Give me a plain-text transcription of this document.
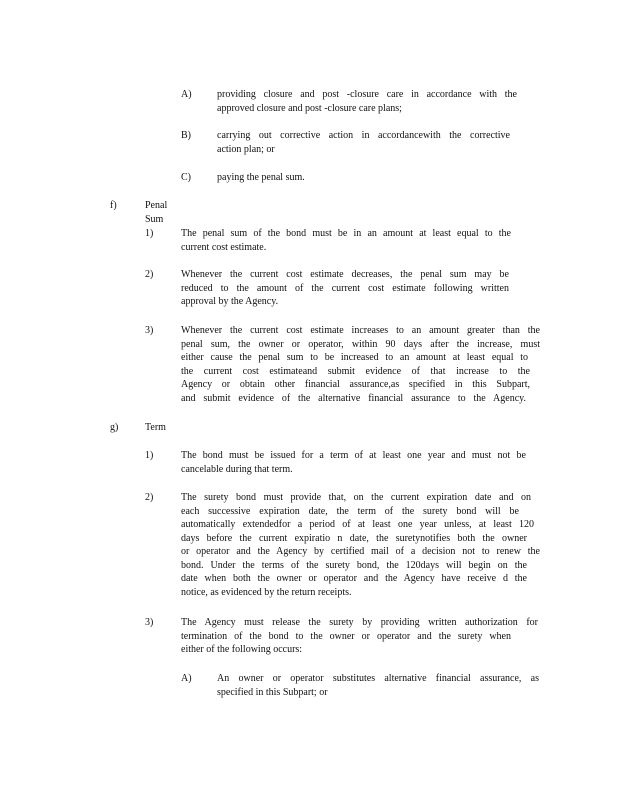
A)	providing closure and post -closure care in accordance with the
approved closure and post -closure care plans;
B)	carrying out corrective action in accordancewith the corrective
action plan; or
C)	paying the penal sum.
f)	Penal Sum
1)	The penal sum of the bond must be in an amount at least equal to the
current cost estimate.
2)	Whenever the current cost estimate decreases, the penal sum may be
reduced to the amount of the current cost estimate following written
approval by the Agency.
3)	Whenever the current cost estimate increases to an amount greater than the
penal sum, the owner or operator, within 90 days after the increase, must
either cause the penal sum to be increased to an amount at least equal to
the current cost estimateand submit evidence of that increase to the
Agency or obtain other financial assurance,as specified in this Subpart,
and submit evidence of the alternative financial assurance to the Agency.
g)	Term
1)	The bond must be issued for a term of at least one year and must not be
cancelable during that term.
2)	The surety bond must provide that, on the current expiration date and on
each successive expiration date, the term of the surety bond will be
automatically extendedfor a period of at least one year unless, at least 120
days before the current expiratio n date, the suretynotifies both the owner
or operator and the Agency by certified mail of a decision not to renew the
bond. Under the terms of the surety bond, the 120days will begin on the
date when both the owner or operator and the Agency have receive d the
notice, as evidenced by the return receipts.
3)	The Agency must release the surety by providing written authorization for
termination of the bond to the owner or operator and the surety when
either of the following occurs:
A)	An owner or operator substitutes alternative financial assurance, as
specified in this Subpart; or
